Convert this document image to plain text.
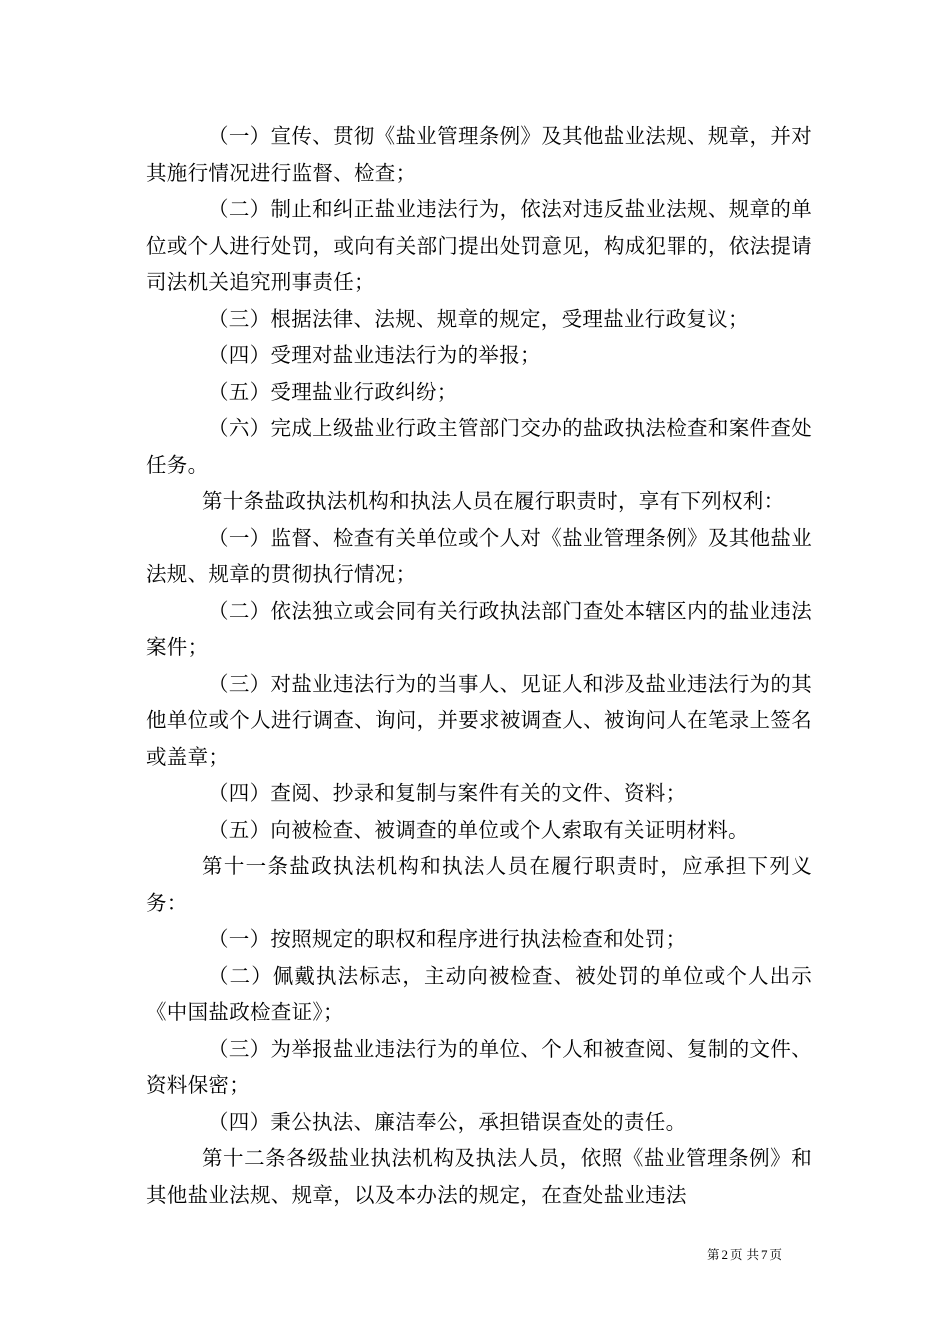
（一）宣传、贯彻《盐业管理条例》及其他盐业法规、规章，并对其施行情况进行监督、检查；

（二）制止和纠正盐业违法行为，依法对违反盐业法规、规章的单位或个人进行处罚，或向有关部门提出处罚意见，构成犯罪的，依法提请司法机关追究刑事责任；

（三）根据法律、法规、规章的规定，受理盐业行政复议；

（四）受理对盐业违法行为的举报；

（五）受理盐业行政纠纷；

（六）完成上级盐业行政主管部门交办的盐政执法检查和案件查处任务。

第十条盐政执法机构和执法人员在履行职责时，享有下列权利：

（一）监督、检查有关单位或个人对《盐业管理条例》及其他盐业法规、规章的贯彻执行情况；

（二）依法独立或会同有关行政执法部门查处本辖区内的盐业违法案件；

（三）对盐业违法行为的当事人、见证人和涉及盐业违法行为的其他单位或个人进行调查、询问，并要求被调查人、被询问人在笔录上签名或盖章；

（四）查阅、抄录和复制与案件有关的文件、资料；

（五）向被检查、被调查的单位或个人索取有关证明材料。

第十一条盐政执法机构和执法人员在履行职责时，应承担下列义务：

（一）按照规定的职权和程序进行执法检查和处罚；

（二）佩戴执法标志，主动向被检查、被处罚的单位或个人出示《中国盐政检查证》；

（三）为举报盐业违法行为的单位、个人和被查阅、复制的文件、资料保密；

（四）秉公执法、廉洁奉公，承担错误查处的责任。

第十二条各级盐业执法机构及执法人员，依照《盐业管理条例》和其他盐业法规、规章，以及本办法的规定，在查处盐业违法

第 2 页 共 7 页
